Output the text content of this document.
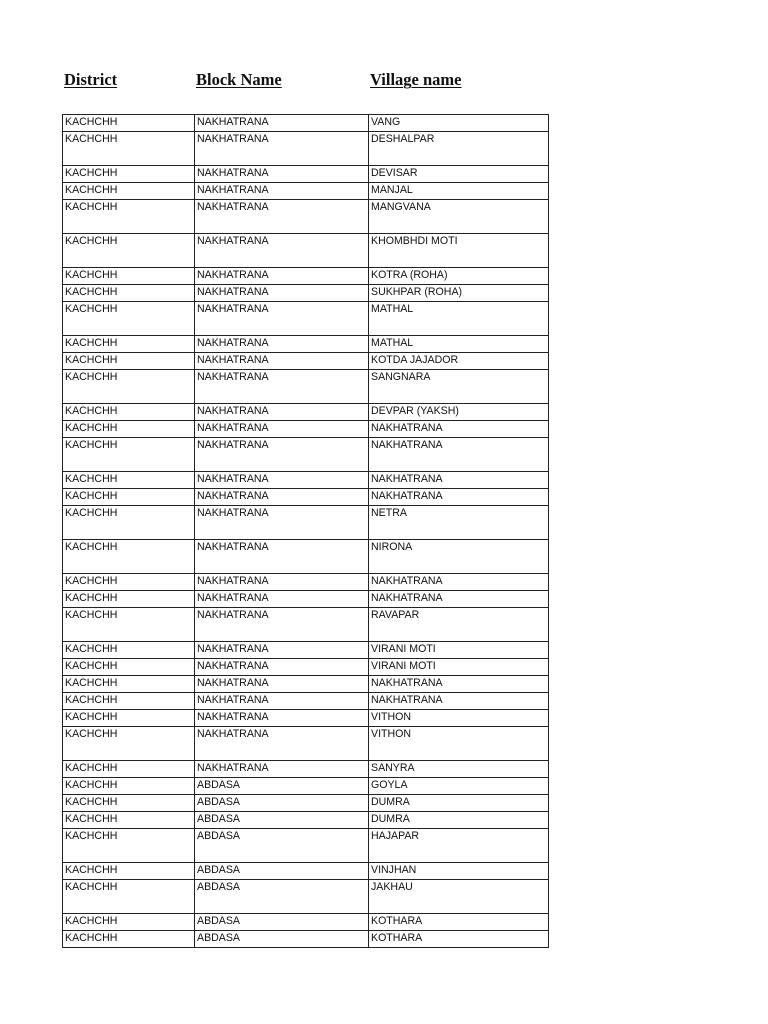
District	Block Name	Village name
KACHCHH	NAKHATRANA	VANG
KACHCHH	NAKHATRANA	DESHALPAR
KACHCHH	NAKHATRANA	DEVISAR
KACHCHH	NAKHATRANA	MANJAL
KACHCHH	NAKHATRANA	MANGVANA
KACHCHH	NAKHATRANA	KHOMBHDI MOTI
KACHCHH	NAKHATRANA	KOTRA (ROHA)
KACHCHH	NAKHATRANA	SUKHPAR (ROHA)
KACHCHH	NAKHATRANA	MATHAL
KACHCHH	NAKHATRANA	MATHAL
KACHCHH	NAKHATRANA	KOTDA JAJADOR
KACHCHH	NAKHATRANA	SANGNARA
KACHCHH	NAKHATRANA	DEVPAR (YAKSH)
KACHCHH	NAKHATRANA	NAKHATRANA
KACHCHH	NAKHATRANA	NAKHATRANA
KACHCHH	NAKHATRANA	NAKHATRANA
KACHCHH	NAKHATRANA	NAKHATRANA
KACHCHH	NAKHATRANA	NETRA
KACHCHH	NAKHATRANA	NIRONA
KACHCHH	NAKHATRANA	NAKHATRANA
KACHCHH	NAKHATRANA	NAKHATRANA
KACHCHH	NAKHATRANA	RAVAPAR
KACHCHH	NAKHATRANA	VIRANI MOTI
KACHCHH	NAKHATRANA	VIRANI MOTI
KACHCHH	NAKHATRANA	NAKHATRANA
KACHCHH	NAKHATRANA	NAKHATRANA
KACHCHH	NAKHATRANA	VITHON
KACHCHH	NAKHATRANA	VITHON
KACHCHH	NAKHATRANA	SANYRA
KACHCHH	ABDASA	GOYLA
KACHCHH	ABDASA	DUMRA
KACHCHH	ABDASA	DUMRA
KACHCHH	ABDASA	HAJAPAR
KACHCHH	ABDASA	VINJHAN
KACHCHH	ABDASA	JAKHAU
KACHCHH	ABDASA	KOTHARA
KACHCHH	ABDASA	KOTHARA
